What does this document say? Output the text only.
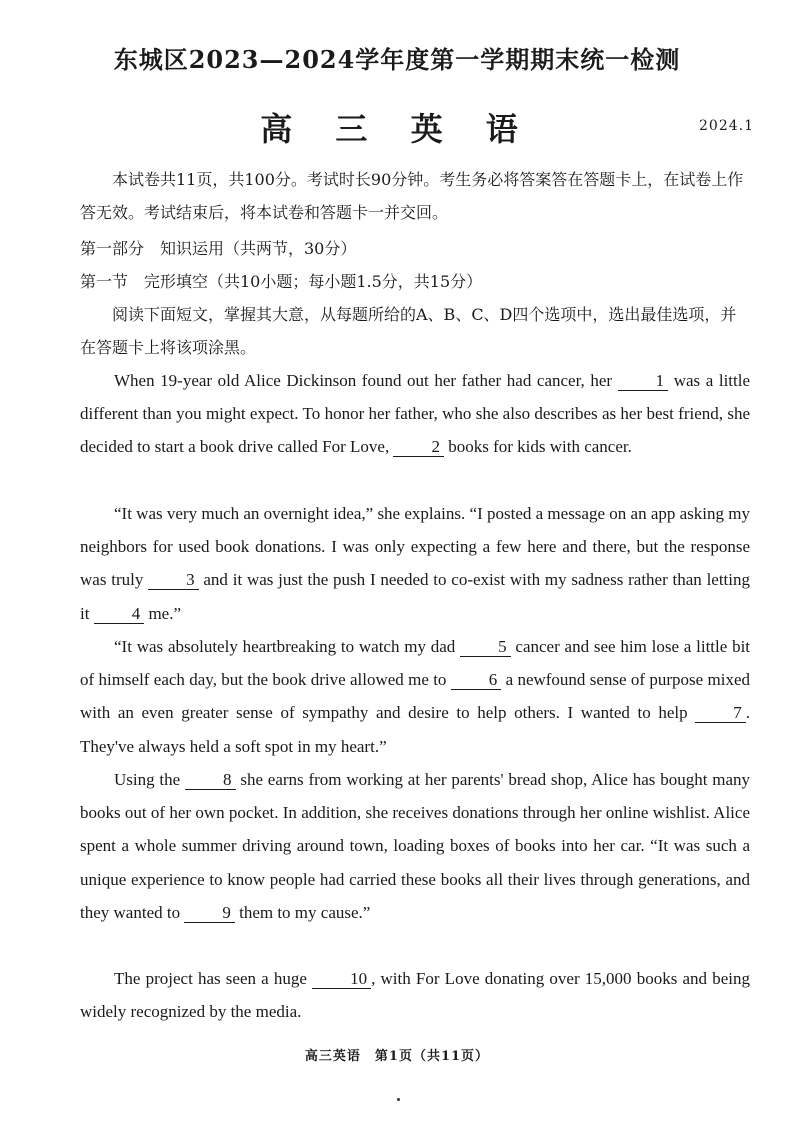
东城区2023—2024学年度第一学期期末统一检测
高 三 英 语	2024.1
本试卷共11页，共100分。考试时长90分钟。考生务必将答案答在答题卡上，在试卷上作答无效。考试结束后，将本试卷和答题卡一并交回。
第一部分　知识运用（共两节，30分）
第一节　完形填空（共10小题；每小题1.5分，共15分）
阅读下面短文，掌握其大意，从每题所给的A、B、C、D四个选项中，选出最佳选项，并在答题卡上将该项涂黑。
When 19-year old Alice Dickinson found out her father had cancer, her	1 was a little different than you might expect. To honor her father, who she also describes as her best friend, she decided to start a book drive called For Love, 2 books for kids with cancer.
“It was very much an overnight idea,” she explains. “I posted a message on an app asking my neighbors for used book donations. I was only expecting a few here and there, but the response was truly	3 and it was just the push I needed to co-exist with my sadness rather than letting it 4 me.”
“It was absolutely heartbreaking to watch my dad	5 cancer and see him lose a little bit of himself each day, but the book drive allowed me to 6 a newfound sense of purpose mixed with an even greater sense of sympathy and desire to help others. I wanted to help	7 . They've always held a soft spot in my heart.”
Using the	8 she earns from working at her parents' bread shop, Alice has bought many books out of her own pocket. In addition, she receives donations through her online wishlist. Alice spent a whole summer driving around town, loading boxes of books into her car. “It was such a unique experience to know people had carried these books all their lives through generations, and they wanted to 9 them to my cause.”
The project has seen a huge	10 , with For Love donating over 15,000 books and being widely recognized by the media.
高三英语　第1页（共11页）
